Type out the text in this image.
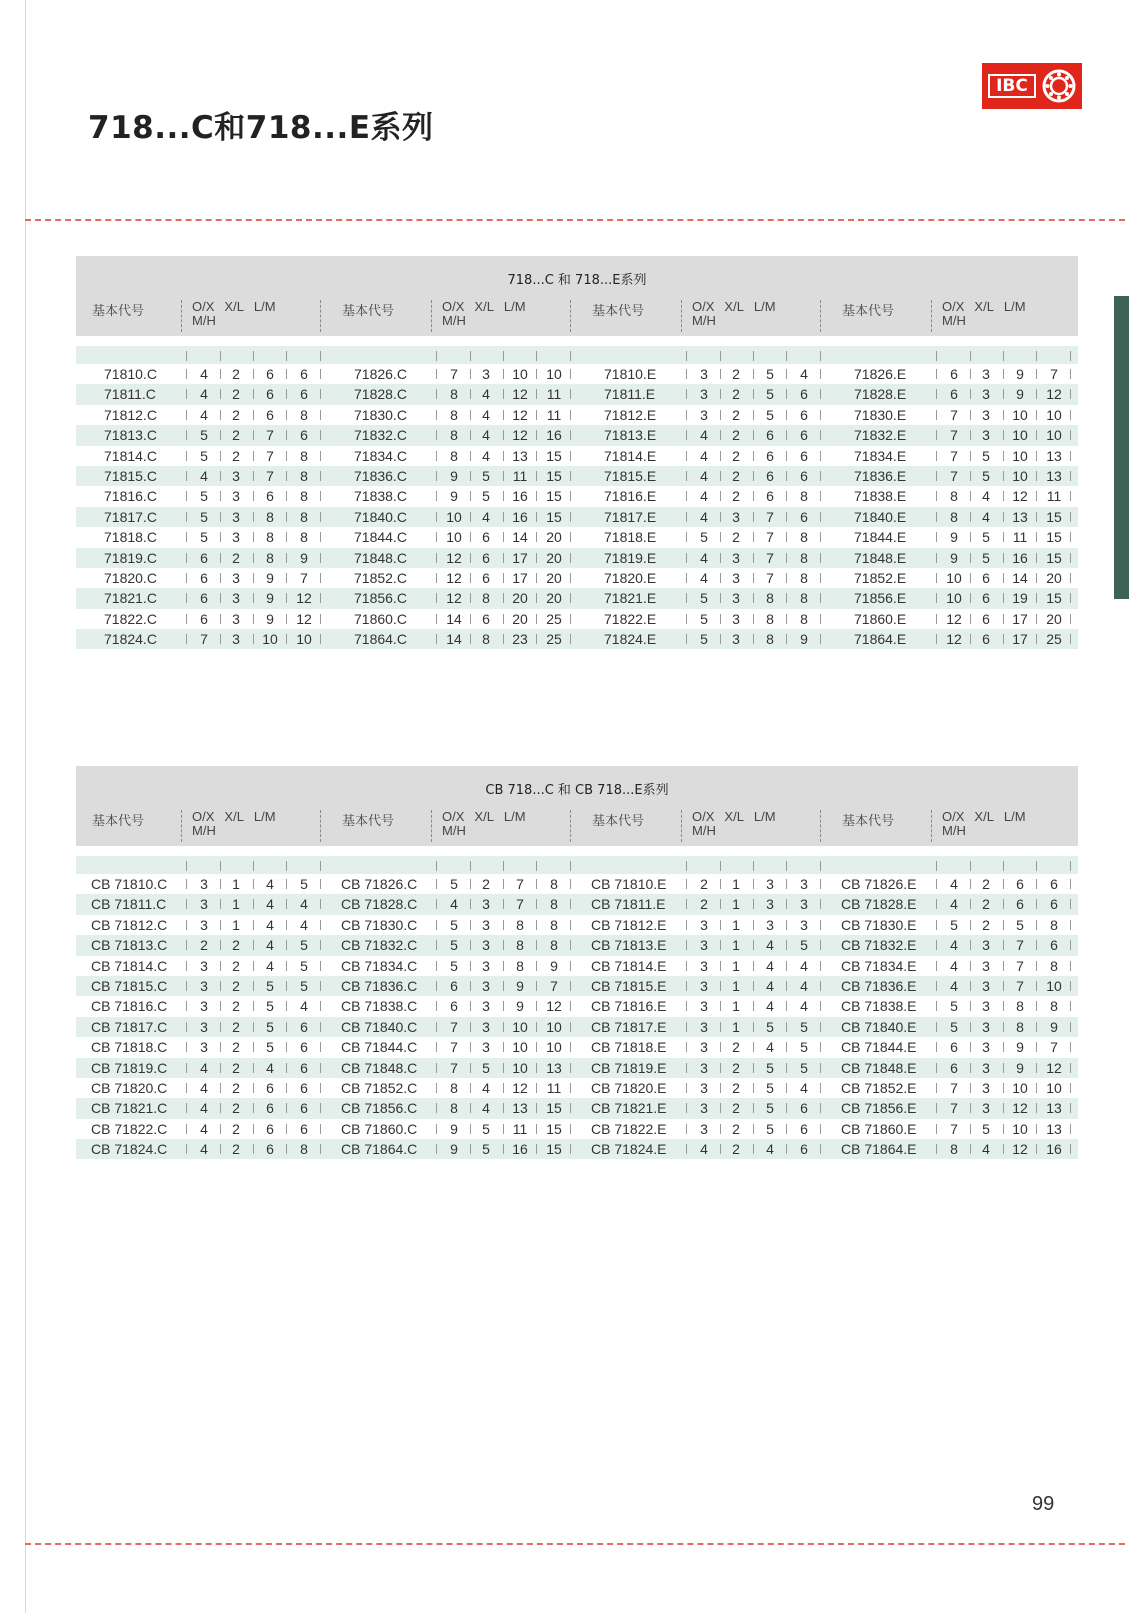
718...C和718...E系列
IBC
718...C 和 718...E系列
基本代号	O/X X/L L/M
M/H
基本代号	O/X X/L L/M
M/H
基本代号	O/X X/L L/M
M/H
基本代号	O/X X/L L/M
M/H
71810.C	4	2	6	6	71826.C	7	3	10	10	71810.E	3	2	5	4	71826.E	6	3	9	7
71811.C	4	2	6	6	71828.C	8	4	12	11	71811.E	3	2	5	6	71828.E	6	3	9	12
71812.C	4	2	6	8	71830.C	8	4	12	11	71812.E	3	2	5	6	71830.E	7	3	10	10
71813.C	5	2	7	6	71832.C	8	4	12	16	71813.E	4	2	6	6	71832.E	7	3	10	10
71814.C	5	2	7	8	71834.C	8	4	13	15	71814.E	4	2	6	6	71834.E	7	5	10	13
71815.C	4	3	7	8	71836.C	9	5	11	15	71815.E	4	2	6	6	71836.E	7	5	10	13
71816.C	5	3	6	8	71838.C	9	5	16	15	71816.E	4	2	6	8	71838.E	8	4	12	11
71817.C	5	3	8	8	71840.C	10	4	16	15	71817.E	4	3	7	6	71840.E	8	4	13	15
71818.C	5	3	8	8	71844.C	10	6	14	20	71818.E	5	2	7	8	71844.E	9	5	11	15
71819.C	6	2	8	9	71848.C	12	6	17	20	71819.E	4	3	7	8	71848.E	9	5	16	15
71820.C	6	3	9	7	71852.C	12	6	17	20	71820.E	4	3	7	8	71852.E	10	6	14	20
71821.C	6	3	9	12	71856.C	12	8	20	20	71821.E	5	3	8	8	71856.E	10	6	19	15
71822.C	6	3	9	12	71860.C	14	6	20	25	71822.E	5	3	8	8	71860.E	12	6	17	20
71824.C	7	3	10	10	71864.C	14	8	23	25	71824.E	5	3	8	9	71864.E	12	6	17	25
CB 718...C 和 CB 718...E系列
基本代号	O/X X/L L/M
M/H
基本代号	O/X X/L L/M
M/H
基本代号	O/X X/L L/M
M/H
基本代号	O/X X/L L/M
M/H
CB 71810.C	3	1	4	5	CB 71826.C	5	2	7	8	CB 71810.E	2	1	3	3	CB 71826.E	4	2	6	6
CB 71811.C	3	1	4	4	CB 71828.C	4	3	7	8	CB 71811.E	2	1	3	3	CB 71828.E	4	2	6	6
CB 71812.C	3	1	4	4	CB 71830.C	5	3	8	8	CB 71812.E	3	1	3	3	CB 71830.E	5	2	5	8
CB 71813.C	2	2	4	5	CB 71832.C	5	3	8	8	CB 71813.E	3	1	4	5	CB 71832.E	4	3	7	6
CB 71814.C	3	2	4	5	CB 71834.C	5	3	8	9	CB 71814.E	3	1	4	4	CB 71834.E	4	3	7	8
CB 71815.C	3	2	5	5	CB 71836.C	6	3	9	7	CB 71815.E	3	1	4	4	CB 71836.E	4	3	7	10
CB 71816.C	3	2	5	4	CB 71838.C	6	3	9	12	CB 71816.E	3	1	4	4	CB 71838.E	5	3	8	8
CB 71817.C	3	2	5	6	CB 71840.C	7	3	10	10	CB 71817.E	3	1	5	5	CB 71840.E	5	3	8	9
CB 71818.C	3	2	5	6	CB 71844.C	7	3	10	10	CB 71818.E	3	2	4	5	CB 71844.E	6	3	9	7
CB 71819.C	4	2	4	6	CB 71848.C	7	5	10	13	CB 71819.E	3	2	5	5	CB 71848.E	6	3	9	12
CB 71820.C	4	2	6	6	CB 71852.C	8	4	12	11	CB 71820.E	3	2	5	4	CB 71852.E	7	3	10	10
CB 71821.C	4	2	6	6	CB 71856.C	8	4	13	15	CB 71821.E	3	2	5	6	CB 71856.E	7	3	12	13
CB 71822.C	4	2	6	6	CB 71860.C	9	5	11	15	CB 71822.E	3	2	5	6	CB 71860.E	7	5	10	13
CB 71824.C	4	2	6	8	CB 71864.C	9	5	16	15	CB 71824.E	4	2	4	6	CB 71864.E	8	4	12	16
99
